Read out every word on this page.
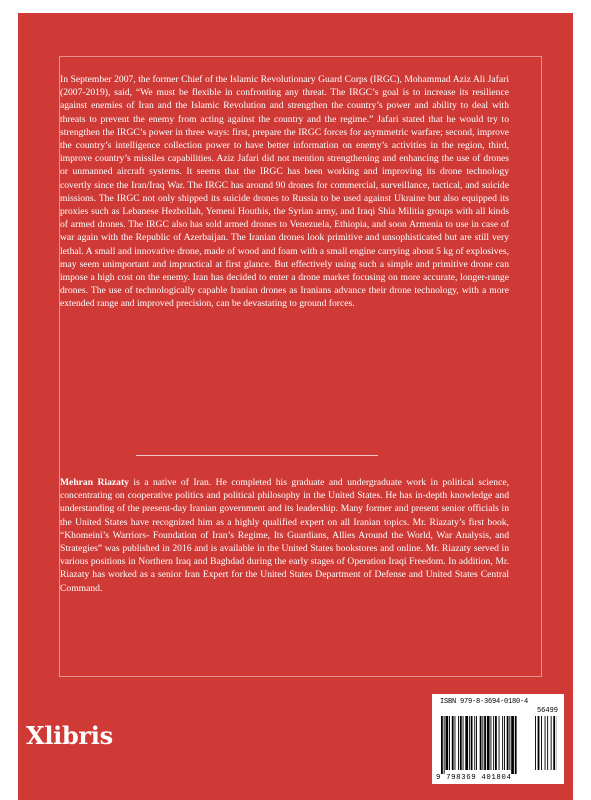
In September 2007, the former Chief of the Islamic Revolutionary Guard Corps (IRGC), Mohammad Aziz Ali Jafari (2007-2019), said, “We must be flexible in confronting any threat. The IRGC’s goal is to increase its resilience against enemies of Iran and the Islamic Revolution and strengthen the country’s power and ability to deal with threats to prevent the enemy from acting against the country and the regime.” Jafari stated that he would try to strengthen the IRGC’s power in three ways: first, prepare the IRGC forces for asymmetric warfare; second, improve the country’s intelligence collection power to have better information on enemy’s activities in the region, third, improve country’s missiles capabilities. Aziz Jafari did not mention strengthening and enhancing the use of drones or unmanned aircraft systems. It seems that the IRGC has been working and improving its drone technology covertly since the Iran/Iraq War. The IRGC has around 90 drones for commercial, surveillance, tactical, and suicide missions. The IRGC not only shipped its suicide drones to Russia to be used against Ukraine but also equipped its proxies such as Lebanese Hezbollah, Yemeni Houthis, the Syrian army, and Iraqi Shia Militia groups with all kinds of armed drones. The IRGC also has sold armed drones to Venezuela, Ethiopia, and soon Armenia to use in case of war again with the Republic of Azerbaijan. The Iranian drones look primitive and unsophisticated but are still very lethal. A small and innovative drone, made of wood and foam with a small engine carrying about 5 kg of explosives, may seem unimportant and impractical at first glance. But effectively using such a simple and primitive drone can impose a high cost on the enemy. Iran has decided to enter a drone market focusing on more accurate, longer-range drones. The use of technologically capable Iranian drones as Iranians advance their drone technology, with a more extended range and improved precision, can be devastating to ground forces.

Mehran Riazaty is a native of Iran. He completed his graduate and undergraduate work in political science, concentrating on cooperative politics and political philosophy in the United States. He has in-depth knowledge and understanding of the present-day Iranian government and its leadership. Many former and present senior officials in the United States have recognized him as a highly qualified expert on all Iranian topics. Mr. Riazaty’s first book, “Khomeini’s Warriors- Foundation of Iran’s Regime, Its Guardians, Allies Around the World, War Analysis, and Strategies” was published in 2016 and is available in the United States bookstores and online. Mr. Riazaty served in various positions in Northern Iraq and Baghdad during the early stages of Operation Iraqi Freedom. In addition, Mr. Riazaty has worked as a senior Iran Expert for the United States Department of Defense and United States Central Command.

Xlibris
ISBN 979-8-3694-0180-4
56499
9 798369 401804
